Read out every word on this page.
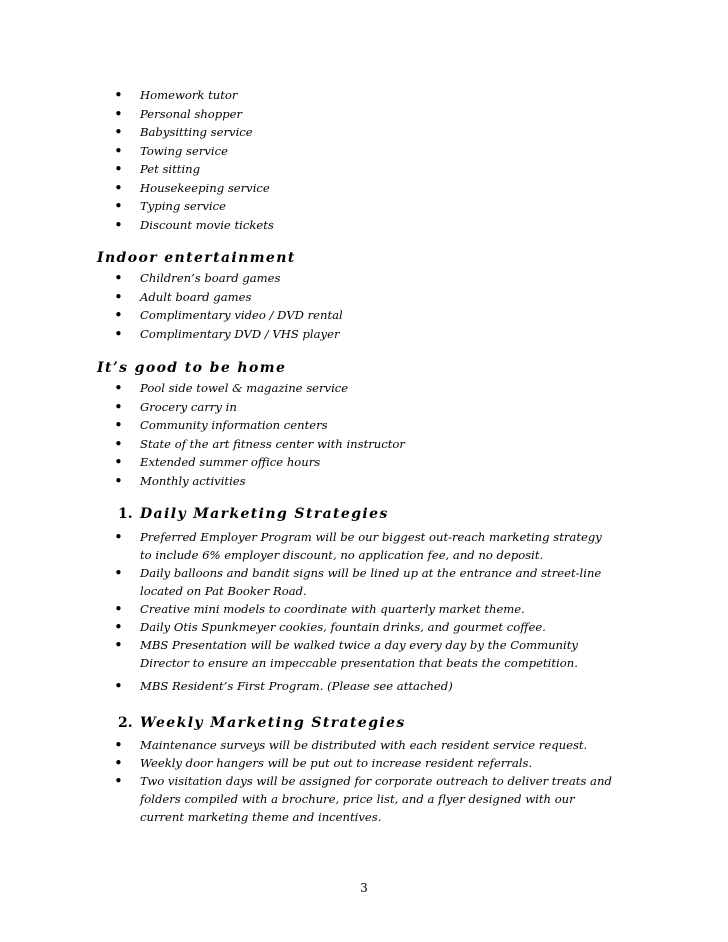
• Homework tutor
• Personal shopper
• Babysitting service
• Towing service
• Pet sitting
• Housekeeping service
• Typing service
• Discount movie tickets
Indoor entertainment
• Children’s board games
• Adult board games
• Complimentary video / DVD rental
• Complimentary DVD / VHS player
It’s good to be home
• Pool side towel & magazine service
• Grocery carry in
• Community information centers
• State of the art fitness center with instructor
• Extended summer office hours
• Monthly activities
1. Daily Marketing Strategies
• Preferred Employer Program will be our biggest out-reach marketing strategy to include 6% employer discount, no application fee, and no deposit.
• Daily balloons and bandit signs will be lined up at the entrance and street-line located on Pat Booker Road.
• Creative mini models to coordinate with quarterly market theme.
• Daily Otis Spunkmeyer cookies, fountain drinks, and gourmet coffee.
• MBS Presentation will be walked twice a day every day by the Community Director to ensure an impeccable presentation that beats the competition.
• MBS Resident’s First Program. (Please see attached)
2. Weekly Marketing Strategies
• Maintenance surveys will be distributed with each resident service request.
• Weekly door hangers will be put out to increase resident referrals.
• Two visitation days will be assigned for corporate outreach to deliver treats and folders compiled with a brochure, price list, and a flyer designed with our current marketing theme and incentives.
3
